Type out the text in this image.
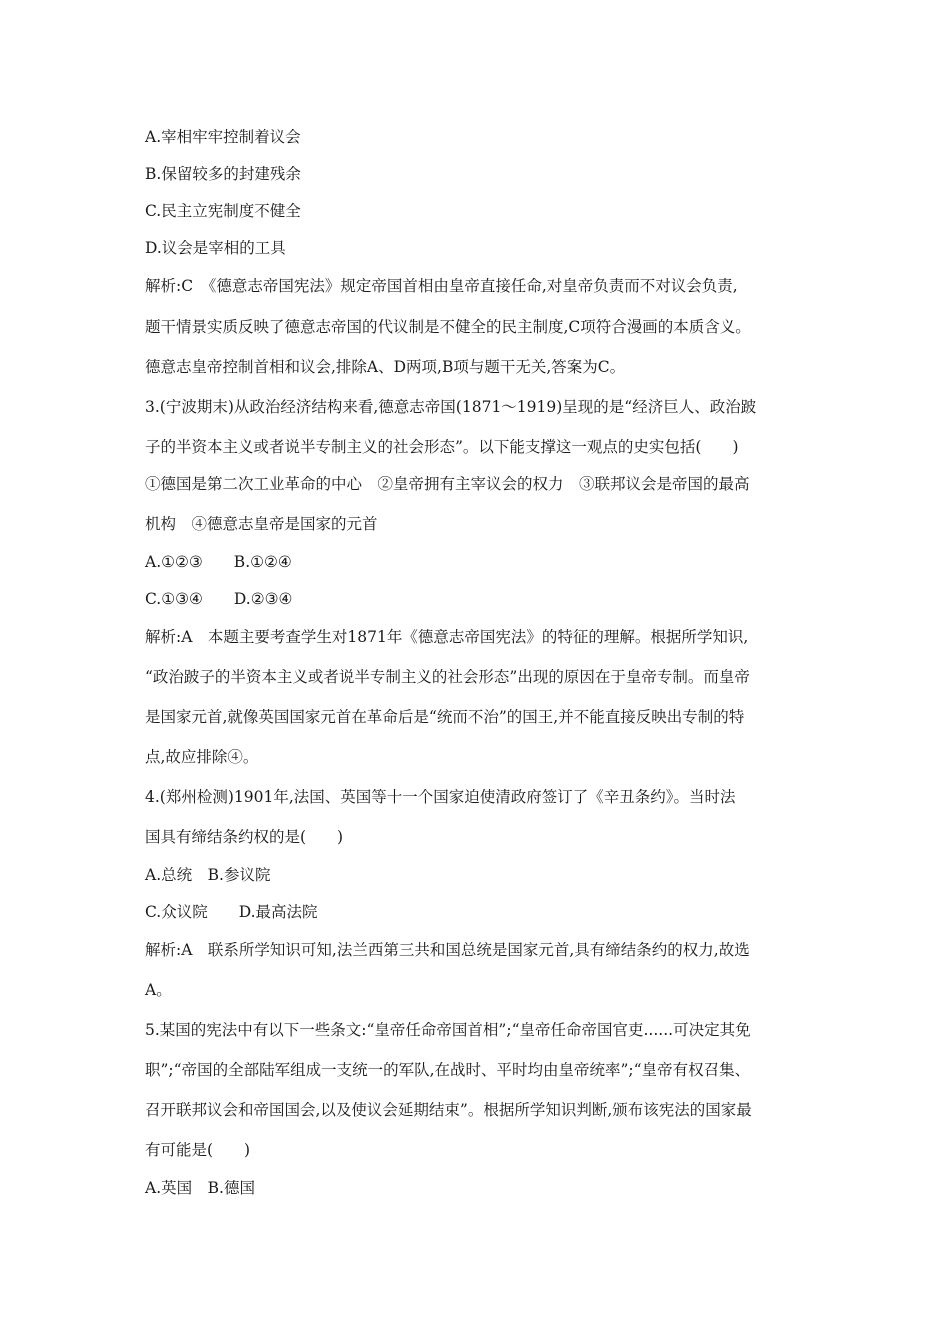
A.宰相牢牢控制着议会
B.保留较多的封建残余
C.民主立宪制度不健全
D.议会是宰相的工具
解析:C　《德意志帝国宪法》规定帝国首相由皇帝直接任命,对皇帝负责而不对议会负责,
题干情景实质反映了德意志帝国的代议制是不健全的民主制度,C项符合漫画的本质含义。
德意志皇帝控制首相和议会,排除A、D两项,B项与题干无关,答案为C。
3.(宁波期末)从政治经济结构来看,德意志帝国(1871～1919)呈现的是“经济巨人、政治跛
子的半资本主义或者说半专制主义的社会形态”。以下能支撑这一观点的史实包括(　　)
①德国是第二次工业革命的中心　②皇帝拥有主宰议会的权力　③联邦议会是帝国的最高
机构　④德意志皇帝是国家的元首
A.①②③　　B.①②④
C.①③④　　D.②③④
解析:A　本题主要考查学生对1871年《德意志帝国宪法》的特征的理解。根据所学知识,
“政治跛子的半资本主义或者说半专制主义的社会形态”出现的原因在于皇帝专制。而皇帝
是国家元首,就像英国国家元首在革命后是“统而不治”的国王,并不能直接反映出专制的特
点,故应排除④。
4.(郑州检测)1901年,法国、英国等十一个国家迫使清政府签订了《辛丑条约》。当时法
国具有缔结条约权的是(　　)
A.总统　B.参议院
C.众议院　　D.最高法院
解析:A　联系所学知识可知,法兰西第三共和国总统是国家元首,具有缔结条约的权力,故选
A。
5.某国的宪法中有以下一些条文:“皇帝任命帝国首相”;“皇帝任命帝国官吏......可决定其免
职”;“帝国的全部陆军组成一支统一的军队,在战时、平时均由皇帝统率”;“皇帝有权召集、
召开联邦议会和帝国国会,以及使议会延期结束”。根据所学知识判断,颁布该宪法的国家最
有可能是(　　)
A.英国　B.德国
